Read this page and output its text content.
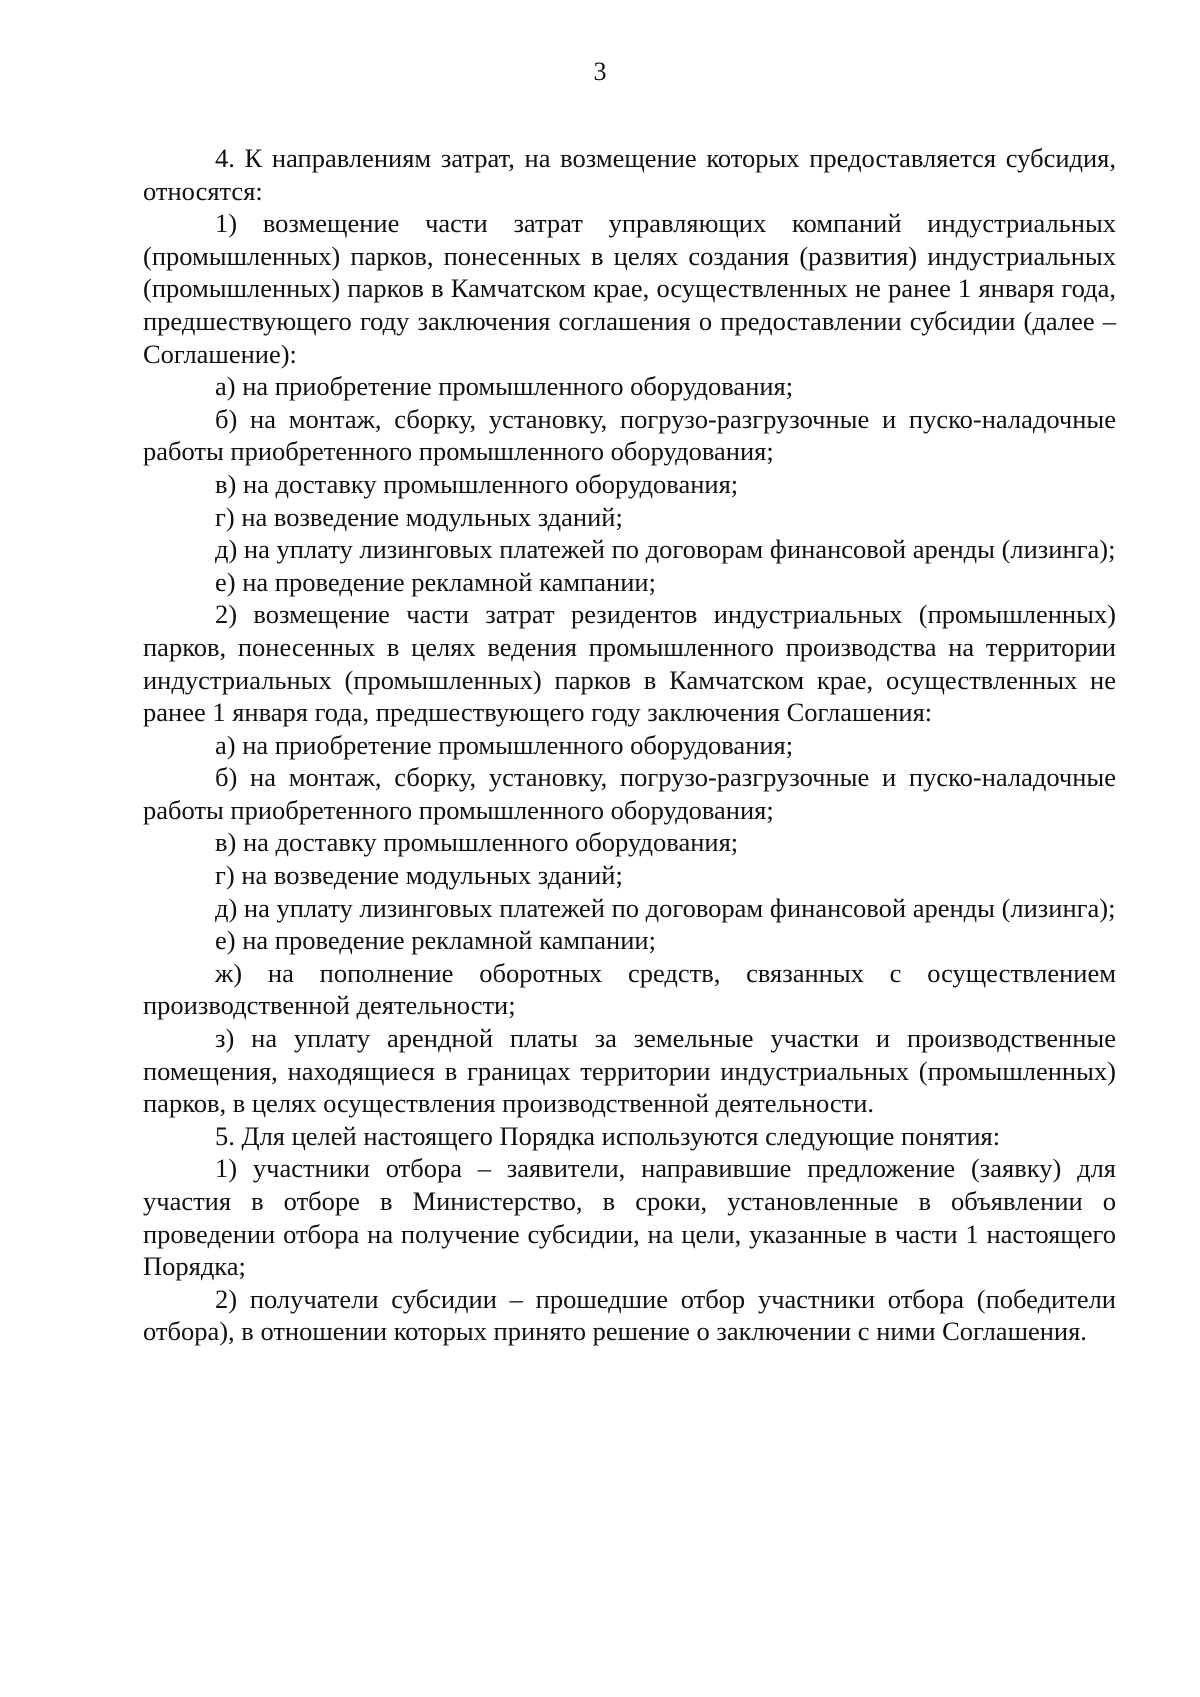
3

4. К направлениям затрат, на возмещение которых предоставляется субсидия, относятся:

1) возмещение части затрат управляющих компаний индустриальных (промышленных) парков, понесенных в целях создания (развития) индустриальных (промышленных) парков в Камчатском крае, осуществленных не ранее 1 января года, предшествующего году заключения соглашения о предоставлении субсидии (далее – Соглашение):

а) на приобретение промышленного оборудования;

б) на монтаж, сборку, установку, погрузо-разгрузочные и пуско-наладочные работы приобретенного промышленного оборудования;

в) на доставку промышленного оборудования;

г) на возведение модульных зданий;

д) на уплату лизинговых платежей по договорам финансовой аренды (лизинга);

е) на проведение рекламной кампании;

2) возмещение части затрат резидентов индустриальных (промышленных) парков, понесенных в целях ведения промышленного производства на территории индустриальных (промышленных) парков в Камчатском крае, осуществленных не ранее 1 января года, предшествующего году заключения Соглашения:

а) на приобретение промышленного оборудования;

б) на монтаж, сборку, установку, погрузо-разгрузочные и пуско-наладочные работы приобретенного промышленного оборудования;

в) на доставку промышленного оборудования;

г) на возведение модульных зданий;

д) на уплату лизинговых платежей по договорам финансовой аренды (лизинга);

е) на проведение рекламной кампании;

ж) на пополнение оборотных средств, связанных с осуществлением производственной деятельности;

з) на уплату арендной платы за земельные участки и производственные помещения, находящиеся в границах территории индустриальных (промышленных) парков, в целях осуществления производственной деятельности.

5. Для целей настоящего Порядка используются следующие понятия:

1) участники отбора – заявители, направившие предложение (заявку) для участия в отборе в Министерство, в сроки, установленные в объявлении о проведении отбора на получение субсидии, на цели, указанные в части 1 настоящего Порядка;

2) получатели субсидии – прошедшие отбор участники отбора (победители отбора), в отношении которых принято решение о заключении с ними Соглашения.
